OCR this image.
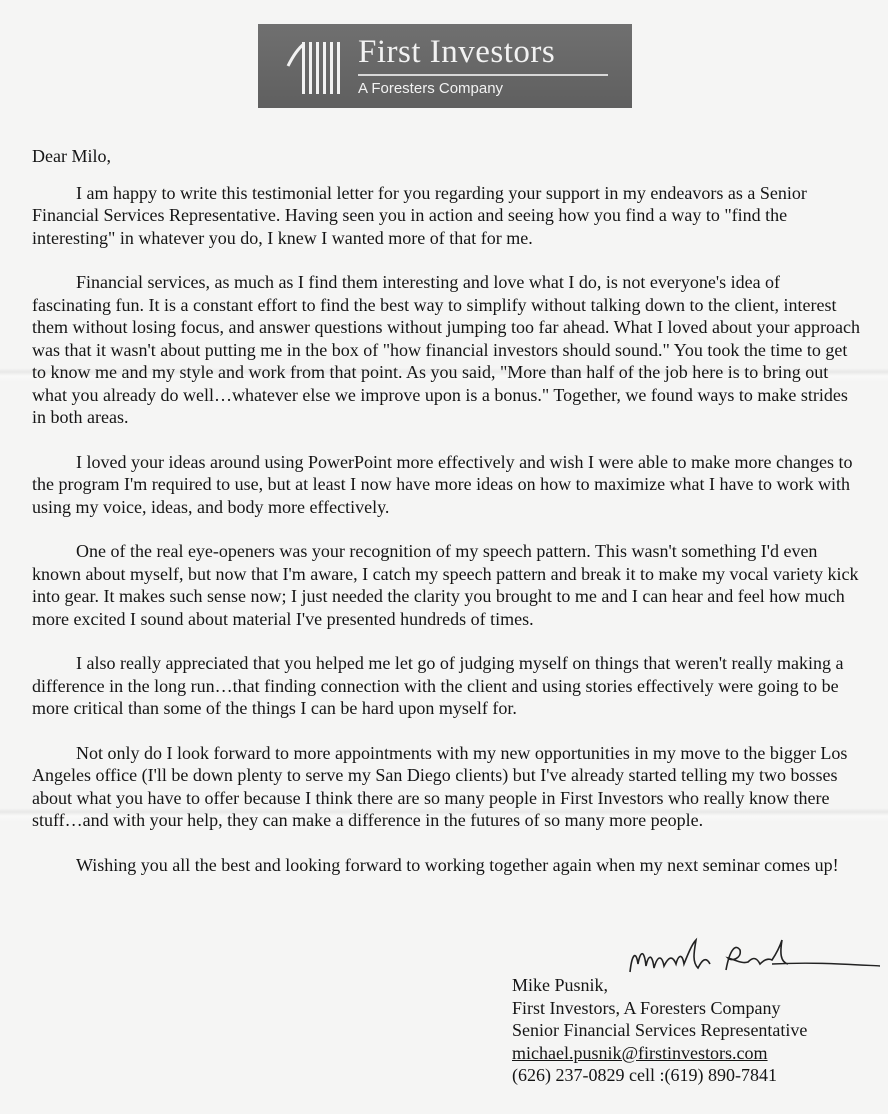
First Investors
A Foresters Company

Dear Milo,

I am happy to write this testimonial letter for you regarding your support in my endeavors as a Senior Financial Services Representative. Having seen you in action and seeing how you find a way to "find the interesting" in whatever you do, I knew I wanted more of that for me.

Financial services, as much as I find them interesting and love what I do, is not everyone's idea of fascinating fun. It is a constant effort to find the best way to simplify without talking down to the client, interest them without losing focus, and answer questions without jumping too far ahead. What I loved about your approach was that it wasn't about putting me in the box of "how financial investors should sound." You took the time to get to know me and my style and work from that point. As you said, "More than half of the job here is to bring out what you already do well…whatever else we improve upon is a bonus." Together, we found ways to make strides in both areas.

I loved your ideas around using PowerPoint more effectively and wish I were able to make more changes to the program I'm required to use, but at least I now have more ideas on how to maximize what I have to work with using my voice, ideas, and body more effectively.

One of the real eye-openers was your recognition of my speech pattern. This wasn't something I'd even known about myself, but now that I'm aware, I catch my speech pattern and break it to make my vocal variety kick into gear. It makes such sense now; I just needed the clarity you brought to me and I can hear and feel how much more excited I sound about material I've presented hundreds of times.

I also really appreciated that you helped me let go of judging myself on things that weren't really making a difference in the long run…that finding connection with the client and using stories effectively were going to be more critical than some of the things I can be hard upon myself for.

Not only do I look forward to more appointments with my new opportunities in my move to the bigger Los Angeles office (I'll be down plenty to serve my San Diego clients) but I've already started telling my two bosses about what you have to offer because I think there are so many people in First Investors who really know there stuff…and with your help, they can make a difference in the futures of so many more people.

Wishing you all the best and looking forward to working together again when my next seminar comes up!

Mike Pusnik,
First Investors, A Foresters Company
Senior Financial Services Representative
michael.pusnik@firstinvestors.com
(626) 237-0829 cell :(619) 890-7841
